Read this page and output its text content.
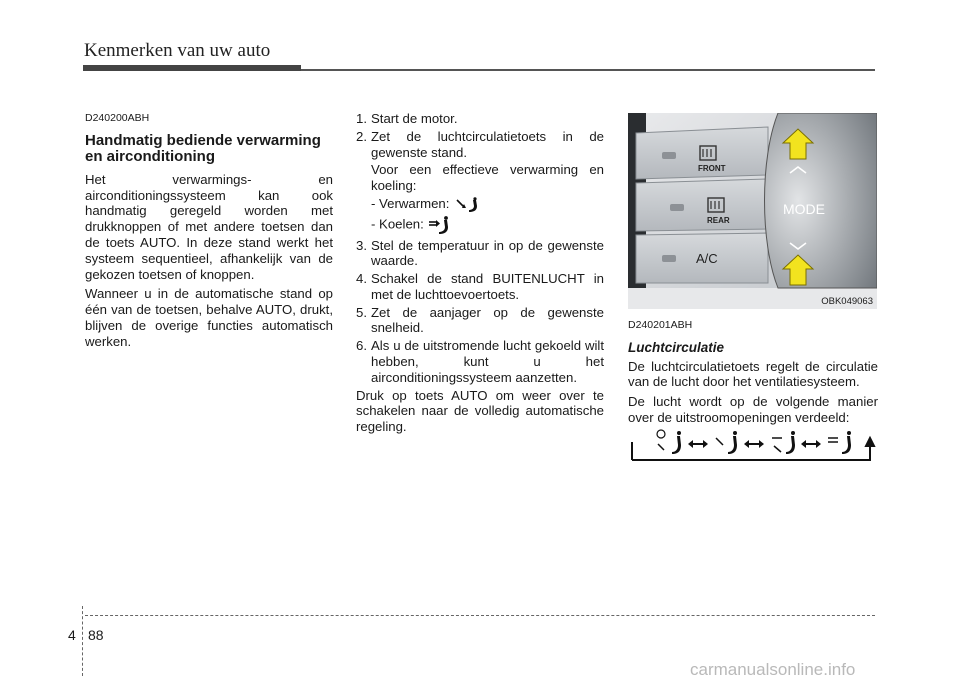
Kenmerken van uw auto
D240200ABH
Handmatig bediende verwarming en airconditioning
Het verwarmings- en airconditioningssysteem kan ook handmatig geregeld worden met drukknoppen of met andere toetsen dan de toets AUTO. In deze stand werkt het systeem sequentieel, afhankelijk van de gekozen toetsen of knoppen.
Wanneer u in de automatische stand op één van de toetsen, behalve AUTO, drukt, blijven de overige functies automatisch werken.
1. Start de motor.
2. Zet de luchtcirculatietoets in de gewenste stand.
Voor een effectieve verwarming en koeling:
- Verwarmen:
- Koelen:
3. Stel de temperatuur in op de gewenste waarde.
4. Schakel de stand BUITENLUCHT in met de luchttoevoertoets.
5. Zet de aanjager op de gewenste snelheid.
6. Als u de uitstromende lucht gekoeld wilt hebben, kunt u het airconditioningssysteem aanzetten.
Druk op toets AUTO om weer over te schakelen naar de volledig automatische regeling.
FRONT
REAR
A/C
MODE
OBK049063
D240201ABH
Luchtcirculatie
De luchtcirculatietoets regelt de circulatie van de lucht door het ventilatiesysteem.
De lucht wordt op de volgende manier over de uitstroomopeningen verdeeld:
4 88
carmanualsonline.info
